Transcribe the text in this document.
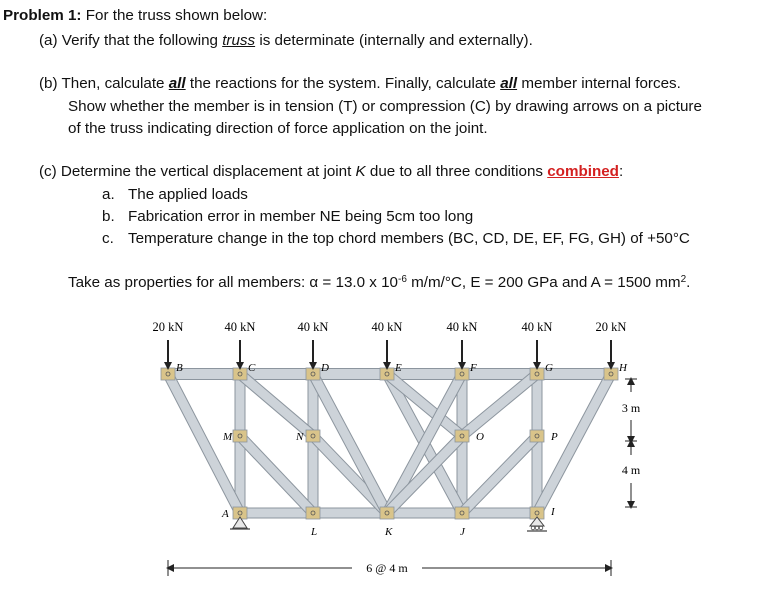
Problem 1: For the truss shown below:
(a) Verify that the following truss is determinate (internally and externally).
(b) Then, calculate all the reactions for the system. Finally, calculate all member internal forces.
Show whether the member is in tension (T) or compression (C) by drawing arrows on a picture
of the truss indicating direction of force application on the joint.
(c) Determine the vertical displacement at joint K due to all three conditions combined:
a. The applied loads
b. Fabrication error in member NE being 5cm too long
c. Temperature change in the top chord members (BC, CD, DE, EF, FG, GH) of +50°C
Take as properties for all members: α = 13.0 x $10^{-6}$ m/m/°C, E = 200 GPa and A = 1500 $mm^2$.
20 kN	40 kN	40 kN	40 kN	40 kN	40 kN	20 kN
B	C	D	E	F	G	H
M	N	O	P
A
L	K	J
I
3 m
4 m
6 @ 4 m
